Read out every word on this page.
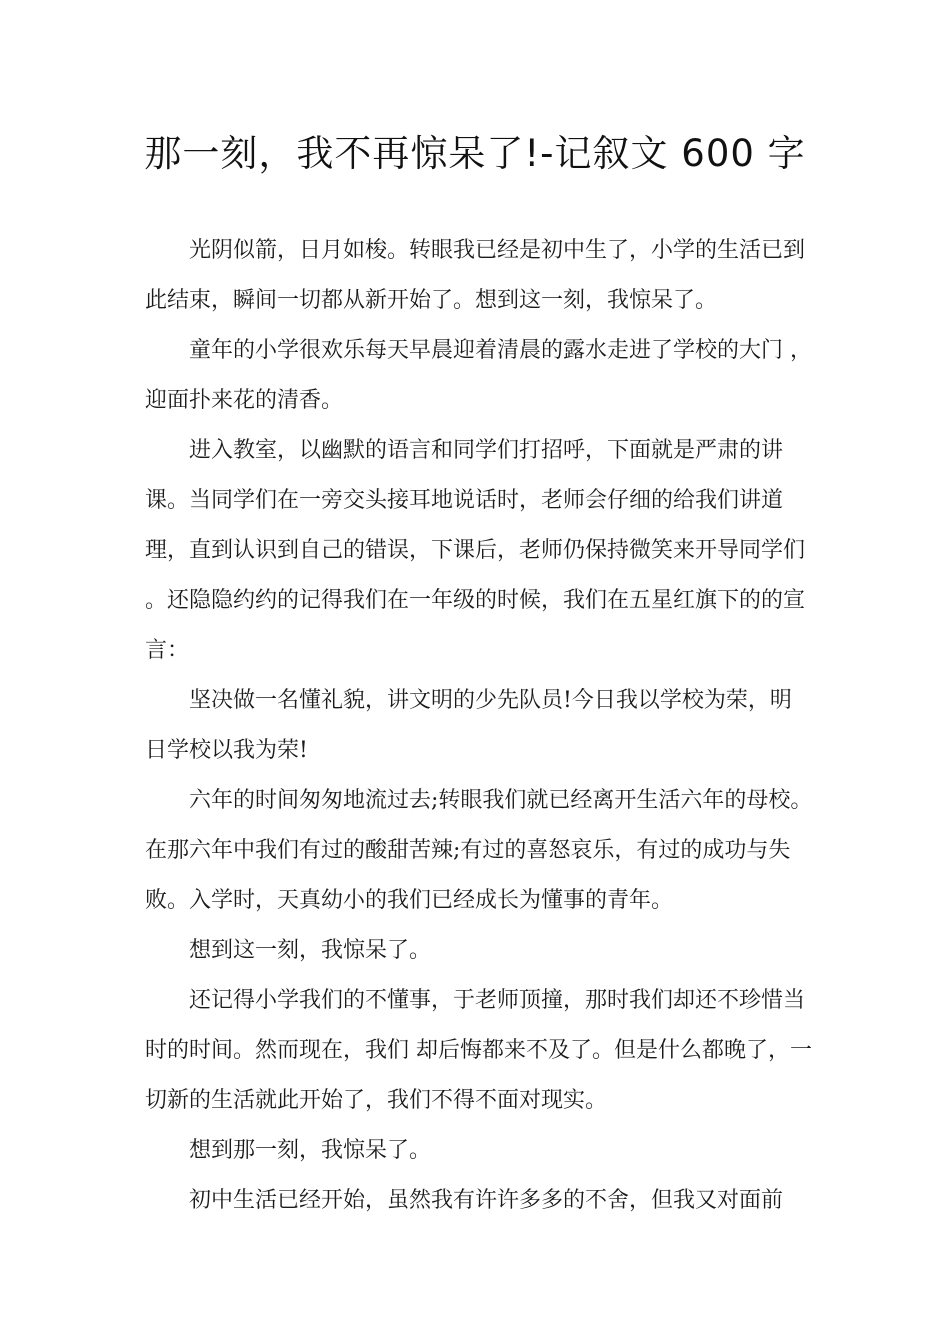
那一刻，我不再惊呆了!-记叙文 600 字

光阴似箭，日月如梭。转眼我已经是初中生了，小学的生活已到此结束，瞬间一切都从新开始了。想到这一刻，我惊呆了。

童年的小学很欢乐每天早晨迎着清晨的露水走进了学校的大门 ，迎面扑来花的清香。

进入教室，以幽默的语言和同学们打招呼，下面就是严肃的讲课。当同学们在一旁交头接耳地说话时，老师会仔细的给我们讲道理，直到认识到自己的错误，下课后，老师仍保持微笑来开导同学们 。还隐隐约约的记得我们在一年级的时候，我们在五星红旗下的的宣言：

坚决做一名懂礼貌，讲文明的少先队员!今日我以学校为荣，明日学校以我为荣!

六年的时间匆匆地流过去;转眼我们就已经离开生活六年的母校。在那六年中我们有过的酸甜苦辣;有过的喜怒哀乐，有过的成功与失败。入学时，天真幼小的我们已经成长为懂事的青年。

想到这一刻，我惊呆了。

还记得小学我们的不懂事，于老师顶撞，那时我们却还不珍惜当时的时间。然而现在，我们 却后悔都来不及了。但是什么都晚了，一切新的生活就此开始了，我们不得不面对现实。

想到那一刻，我惊呆了。

初中生活已经开始，虽然我有许许多多的不舍，但我又对面前
